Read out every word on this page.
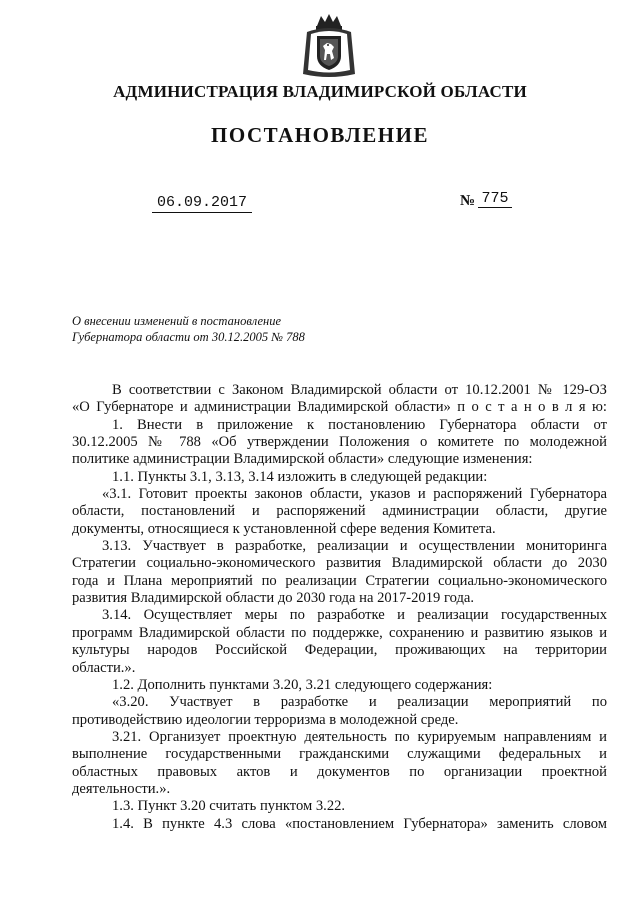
АДМИНИСТРАЦИЯ ВЛАДИМИРСКОЙ ОБЛАСТИ
ПОСТАНОВЛЕНИЕ
06.09.2017	№ 775
О внесении изменений в постановление
Губернатора области от 30.12.2005 № 788
В соответствии с Законом Владимирской области от 10.12.2001 № 129-ОЗ
«О Губернаторе и администрации Владимирской области» п о с т а н о в л я ю:
1. Внести в приложение к постановлению Губернатора области от
30.12.2005 № 788 «Об утверждении Положения о комитете по молодежной
политике администрации Владимирской области» следующие изменения:
1.1. Пункты 3.1, 3.13, 3.14 изложить в следующей редакции:
«3.1. Готовит проекты законов области, указов и распоряжений Губернатора
области, постановлений и распоряжений администрации области, другие
документы, относящиеся к установленной сфере ведения Комитета.
3.13. Участвует в разработке, реализации и осуществлении мониторинга
Стратегии социально-экономического развития Владимирской области до 2030
года и Плана мероприятий по реализации Стратегии социально-экономического
развития Владимирской области до 2030 года на 2017-2019 года.
3.14. Осуществляет меры по разработке и реализации государственных
программ Владимирской области по поддержке, сохранению и развитию языков и
культуры народов Российской Федерации, проживающих на территории
области.».
1.2. Дополнить пунктами 3.20, 3.21 следующего содержания:
«3.20. Участвует в разработке и реализации мероприятий по
противодействию идеологии терроризма в молодежной среде.
3.21. Организует проектную деятельность по курируемым направлениям и
выполнение государственными гражданскими служащими федеральных и
областных правовых актов и документов по организации проектной
деятельности.».
1.3. Пункт 3.20 считать пунктом 3.22.
1.4. В пункте 4.3 слова «постановлением Губернатора» заменить словом
